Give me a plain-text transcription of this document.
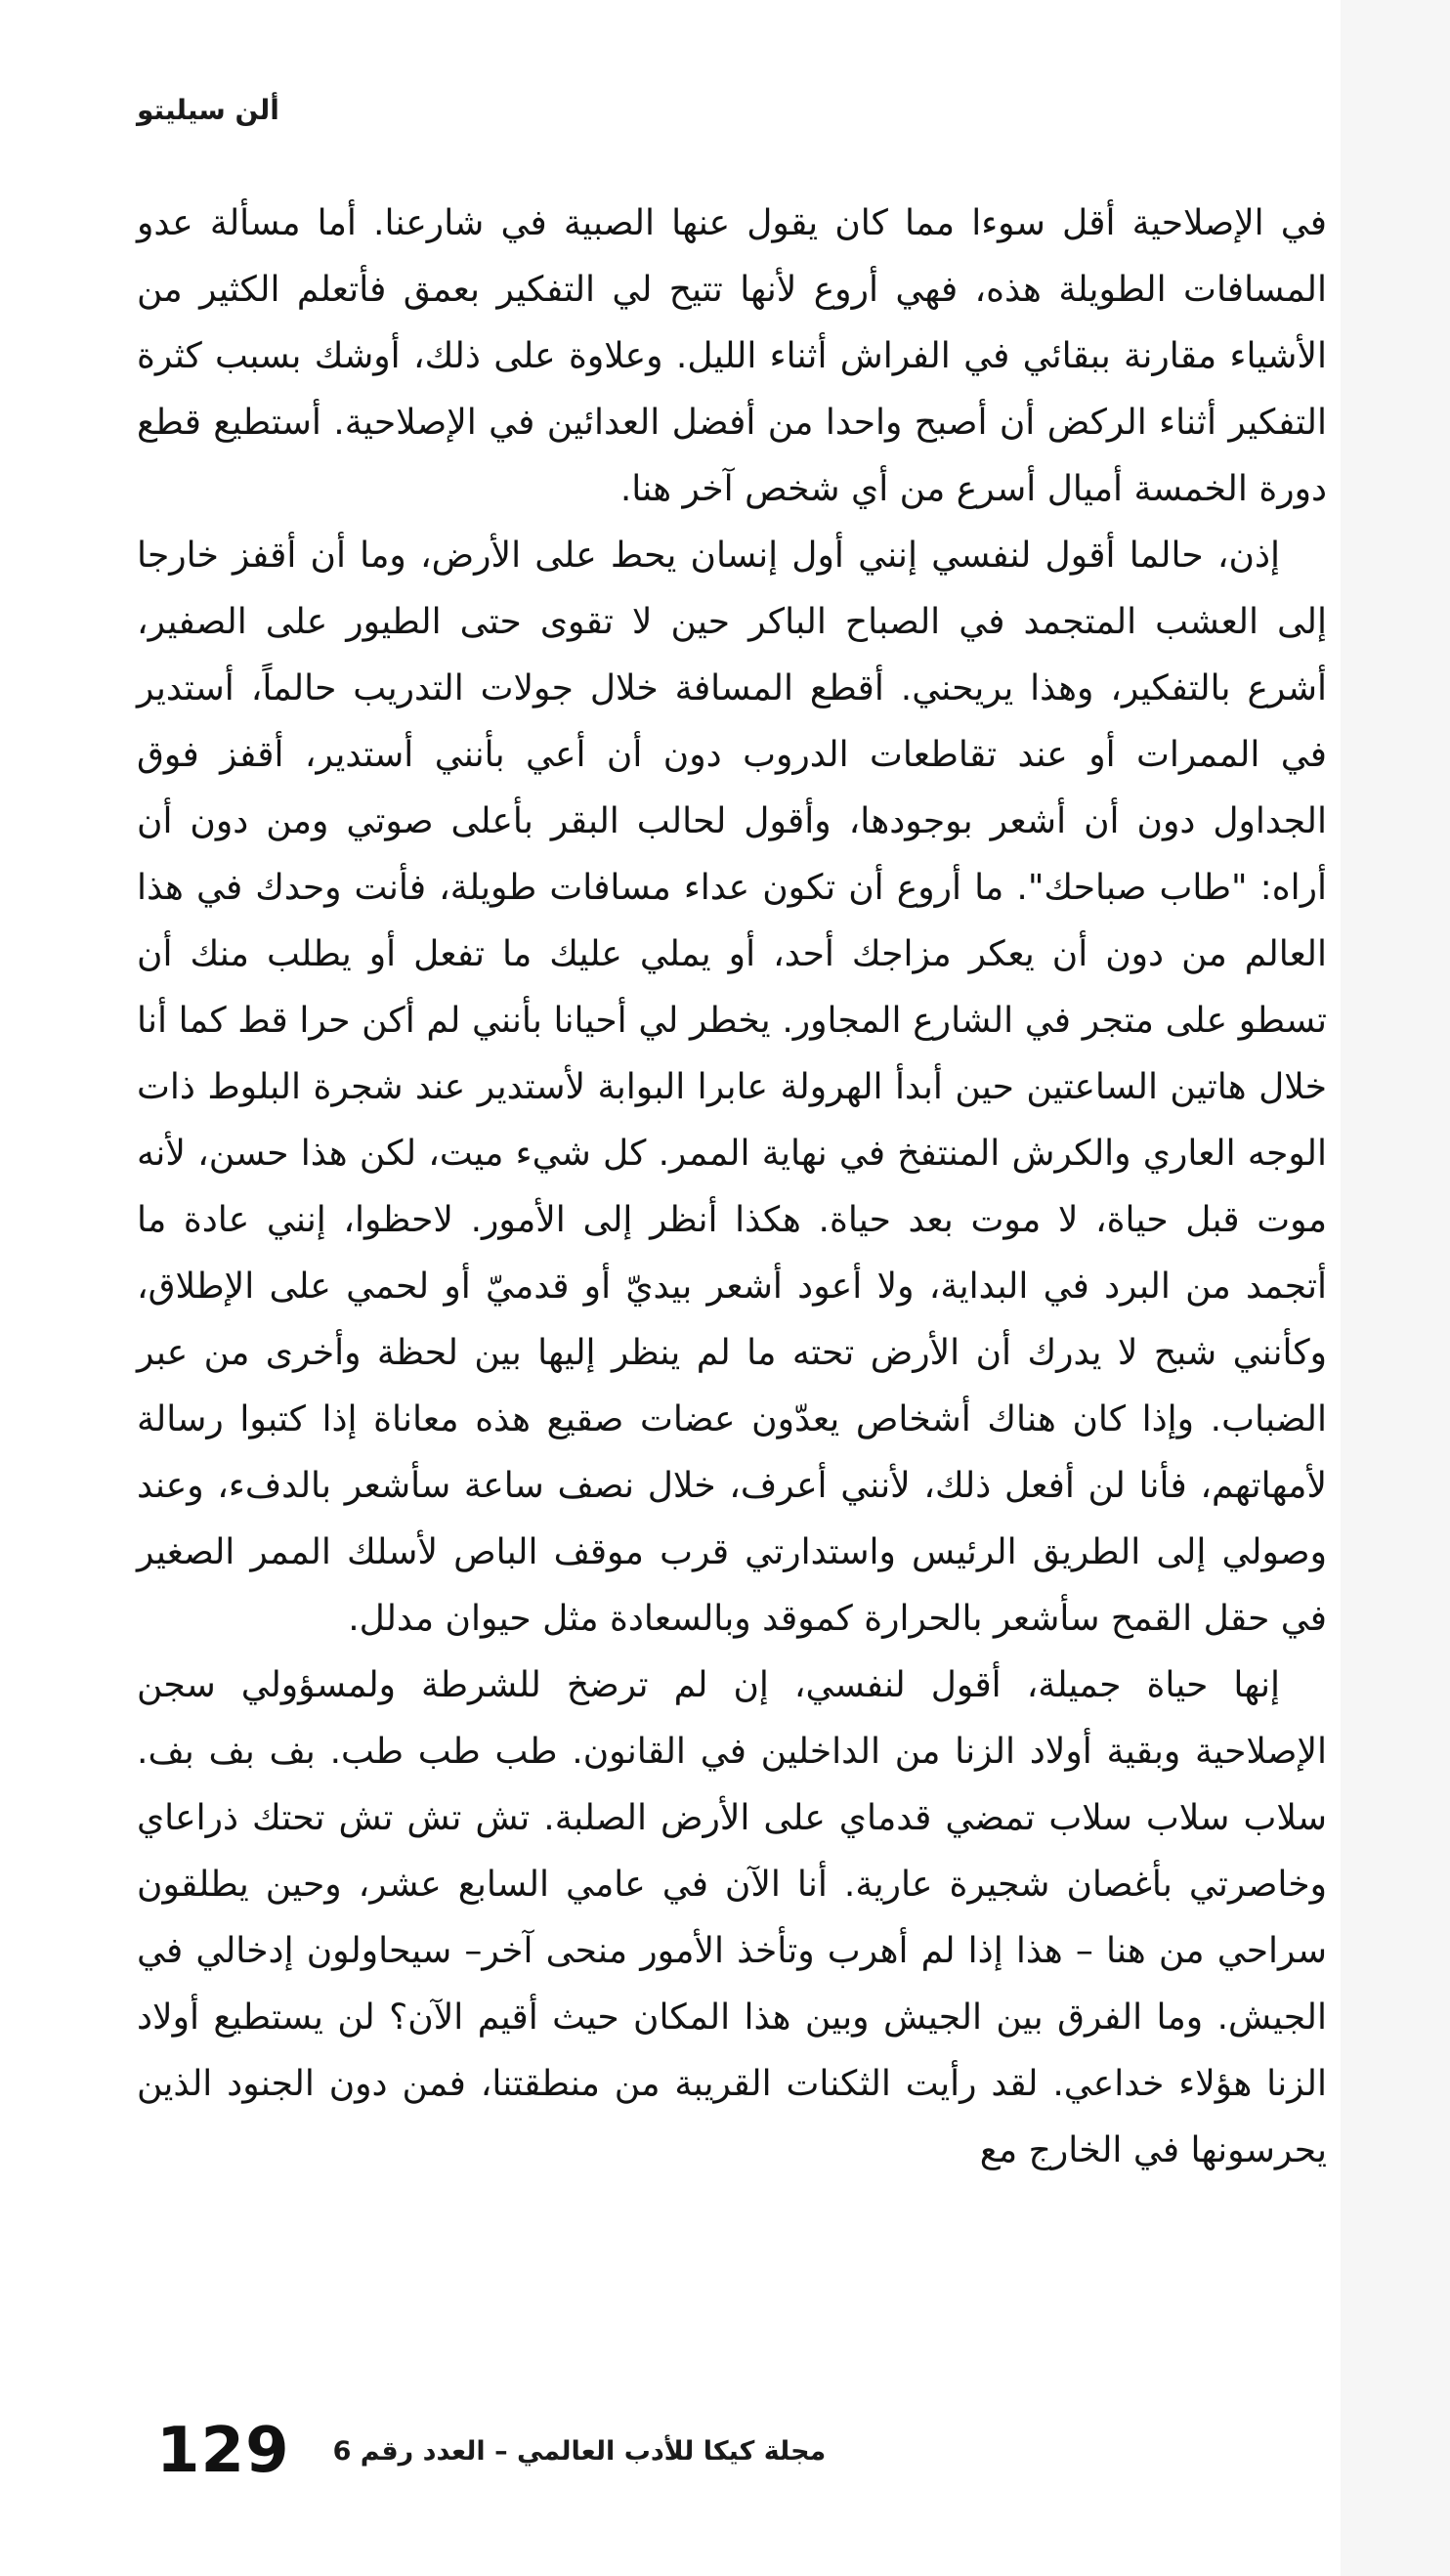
ألن سيليتو

في الإصلاحية أقل سوءا مما كان يقول عنها الصبية في شارعنا. أما مسألة عدو المسافات الطويلة هذه، فهي أروع لأنها تتيح لي التفكير بعمق فأتعلم الكثير من الأشياء مقارنة ببقائي في الفراش أثناء الليل. وعلاوة على ذلك، أوشك بسبب كثرة التفكير أثناء الركض أن أصبح واحدا من أفضل العدائين في الإصلاحية. أستطيع قطع دورة الخمسة أميال أسرع من أي شخص آخر هنا.

إذن، حالما أقول لنفسي إنني أول إنسان يحط على الأرض، وما أن أقفز خارجا إلى العشب المتجمد في الصباح الباكر حين لا تقوى حتى الطيور على الصفير، أشرع بالتفكير، وهذا يريحني. أقطع المسافة خلال جولات التدريب حالماً، أستدير في الممرات أو عند تقاطعات الدروب دون أن أعي بأنني أستدير، أقفز فوق الجداول دون أن أشعر بوجودها، وأقول لحالب البقر بأعلى صوتي ومن دون أن أراه: "طاب صباحك". ما أروع أن تكون عداء مسافات طويلة، فأنت وحدك في هذا العالم من دون أن يعكر مزاجك أحد، أو يملي عليك ما تفعل أو يطلب منك أن تسطو على متجر في الشارع المجاور. يخطر لي أحيانا بأنني لم أكن حرا قط كما أنا خلال هاتين الساعتين حين أبدأ الهرولة عابرا البوابة لأستدير عند شجرة البلوط ذات الوجه العاري والكرش المنتفخ في نهاية الممر. كل شيء ميت، لكن هذا حسن، لأنه موت قبل حياة، لا موت بعد حياة. هكذا أنظر إلى الأمور. لاحظوا، إنني عادة ما أتجمد من البرد في البداية، ولا أعود أشعر بيديّ أو قدميّ أو لحمي على الإطلاق، وكأنني شبح لا يدرك أن الأرض تحته ما لم ينظر إليها بين لحظة وأخرى من عبر الضباب. وإذا كان هناك أشخاص يعدّون عضات صقيع هذه معاناة إذا كتبوا رسالة لأمهاتهم، فأنا لن أفعل ذلك، لأنني أعرف، خلال نصف ساعة سأشعر بالدفء، وعند وصولي إلى الطريق الرئيس واستدارتي قرب موقف الباص لأسلك الممر الصغير في حقل القمح سأشعر بالحرارة كموقد وبالسعادة مثل حيوان مدلل.

إنها حياة جميلة، أقول لنفسي، إن لم ترضخ للشرطة ولمسؤولي سجن الإصلاحية وبقية أولاد الزنا من الداخلين في القانون. طب طب طب. بف بف بف. سلاب سلاب سلاب تمضي قدماي على الأرض الصلبة. تش تش تش تحتك ذراعاي وخاصرتي بأغصان شجيرة عارية. أنا الآن في عامي السابع عشر، وحين يطلقون سراحي من هنا – هذا إذا لم أهرب وتأخذ الأمور منحى آخر– سيحاولون إدخالي في الجيش. وما الفرق بين الجيش وبين هذا المكان حيث أقيم الآن؟ لن يستطيع أولاد الزنا هؤلاء خداعي. لقد رأيت الثكنات القريبة من منطقتنا، فمن دون الجنود الذين يحرسونها في الخارج مع

129 مجلة كيكا للأدب العالمي – العدد رقم 6
